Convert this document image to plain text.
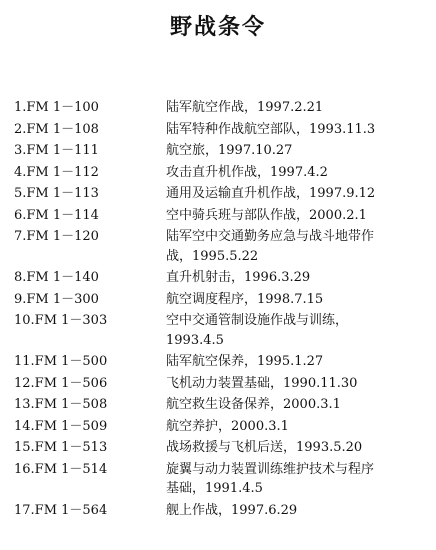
野战条令
1.FM 1－100	陆军航空作战，1997.2.21
2.FM 1－108	陆军特种作战航空部队，1993.11.3
3.FM 1－111	航空旅，1997.10.27
4.FM 1－112	攻击直升机作战，1997.4.2
5.FM 1－113	通用及运输直升机作战，1997.9.12
6.FM 1－114	空中骑兵班与部队作战，2000.2.1
7.FM 1－120	陆军空中交通勤务应急与战斗地带作
战，1995.5.22
8.FM 1－140	直升机射击，1996.3.29
9.FM 1－300	航空调度程序，1998.7.15
10.FM 1－303	空中交通管制设施作战与训练，
1993.4.5
11.FM 1－500	陆军航空保养，1995.1.27
12.FM 1－506	飞机动力装置基础，1990.11.30
13.FM 1－508	航空救生设备保养，2000.3.1
14.FM 1－509	航空养护，2000.3.1
15.FM 1－513	战场救援与飞机后送，1993.5.20
16.FM 1－514	旋翼与动力装置训练维护技术与程序
基础，1991.4.5
17.FM 1－564	舰上作战，1997.6.29
